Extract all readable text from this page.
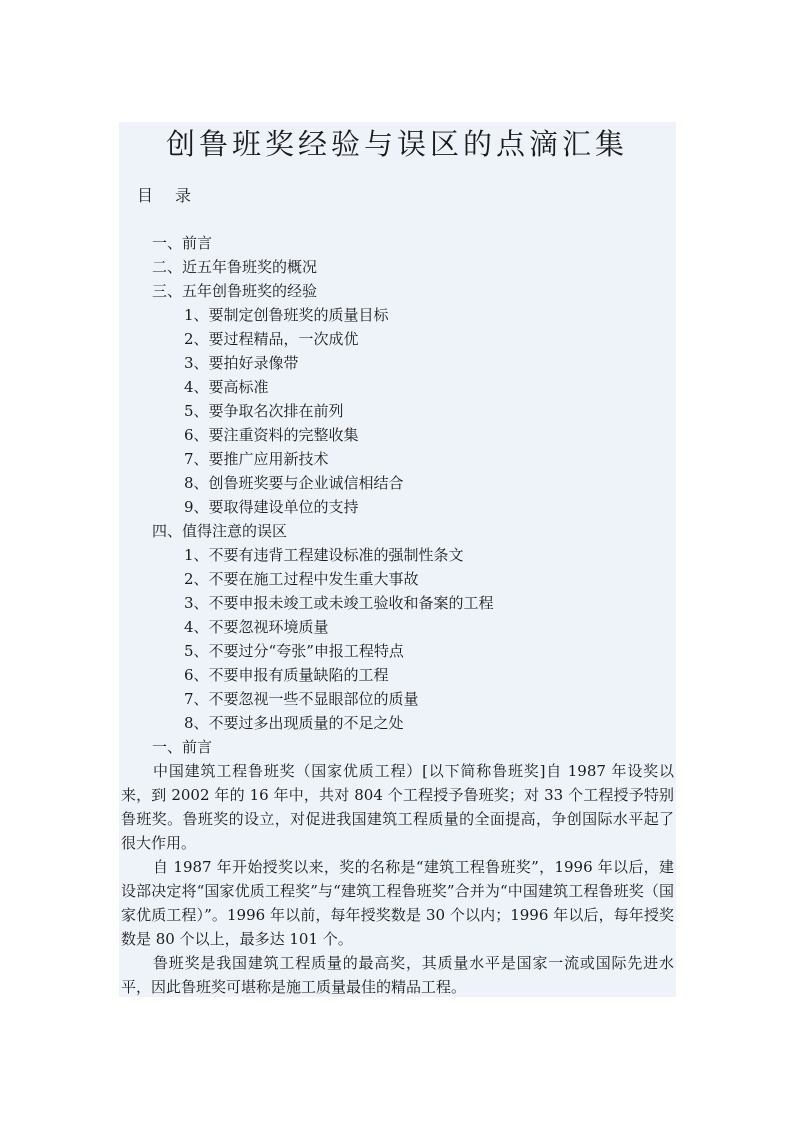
创鲁班奖经验与误区的点滴汇集
目 录
一、前言
二、近五年鲁班奖的概况
三、五年创鲁班奖的经验
1、要制定创鲁班奖的质量目标
2、要过程精品，一次成优
3、要拍好录像带
4、要高标准
5、要争取名次排在前列
6、要注重资料的完整收集
7、要推广应用新技术
8、创鲁班奖要与企业诚信相结合
9、要取得建设单位的支持
四、值得注意的误区
1、不要有违背工程建设标准的强制性条文
2、不要在施工过程中发生重大事故
3、不要申报未竣工或未竣工验收和备案的工程
4、不要忽视环境质量
5、不要过分“夸张”申报工程特点
6、不要申报有质量缺陷的工程
7、不要忽视一些不显眼部位的质量
8、不要过多出现质量的不足之处
一、前言

中国建筑工程鲁班奖（国家优质工程）[以下简称鲁班奖]自 1987 年设奖以来，到 2002 年的 16 年中，共对 804 个工程授予鲁班奖；对 33 个工程授予特别鲁班奖。鲁班奖的设立，对促进我国建筑工程质量的全面提高，争创国际水平起了很大作用。

自 1987 年开始授奖以来，奖的名称是“建筑工程鲁班奖”，1996 年以后，建设部决定将“国家优质工程奖”与“建筑工程鲁班奖”合并为“中国建筑工程鲁班奖（国家优质工程）”。1996 年以前，每年授奖数是 30 个以内；1996 年以后，每年授奖数是 80 个以上，最多达 101 个。

鲁班奖是我国建筑工程质量的最高奖，其质量水平是国家一流或国际先进水平，因此鲁班奖可堪称是施工质量最佳的精品工程。
